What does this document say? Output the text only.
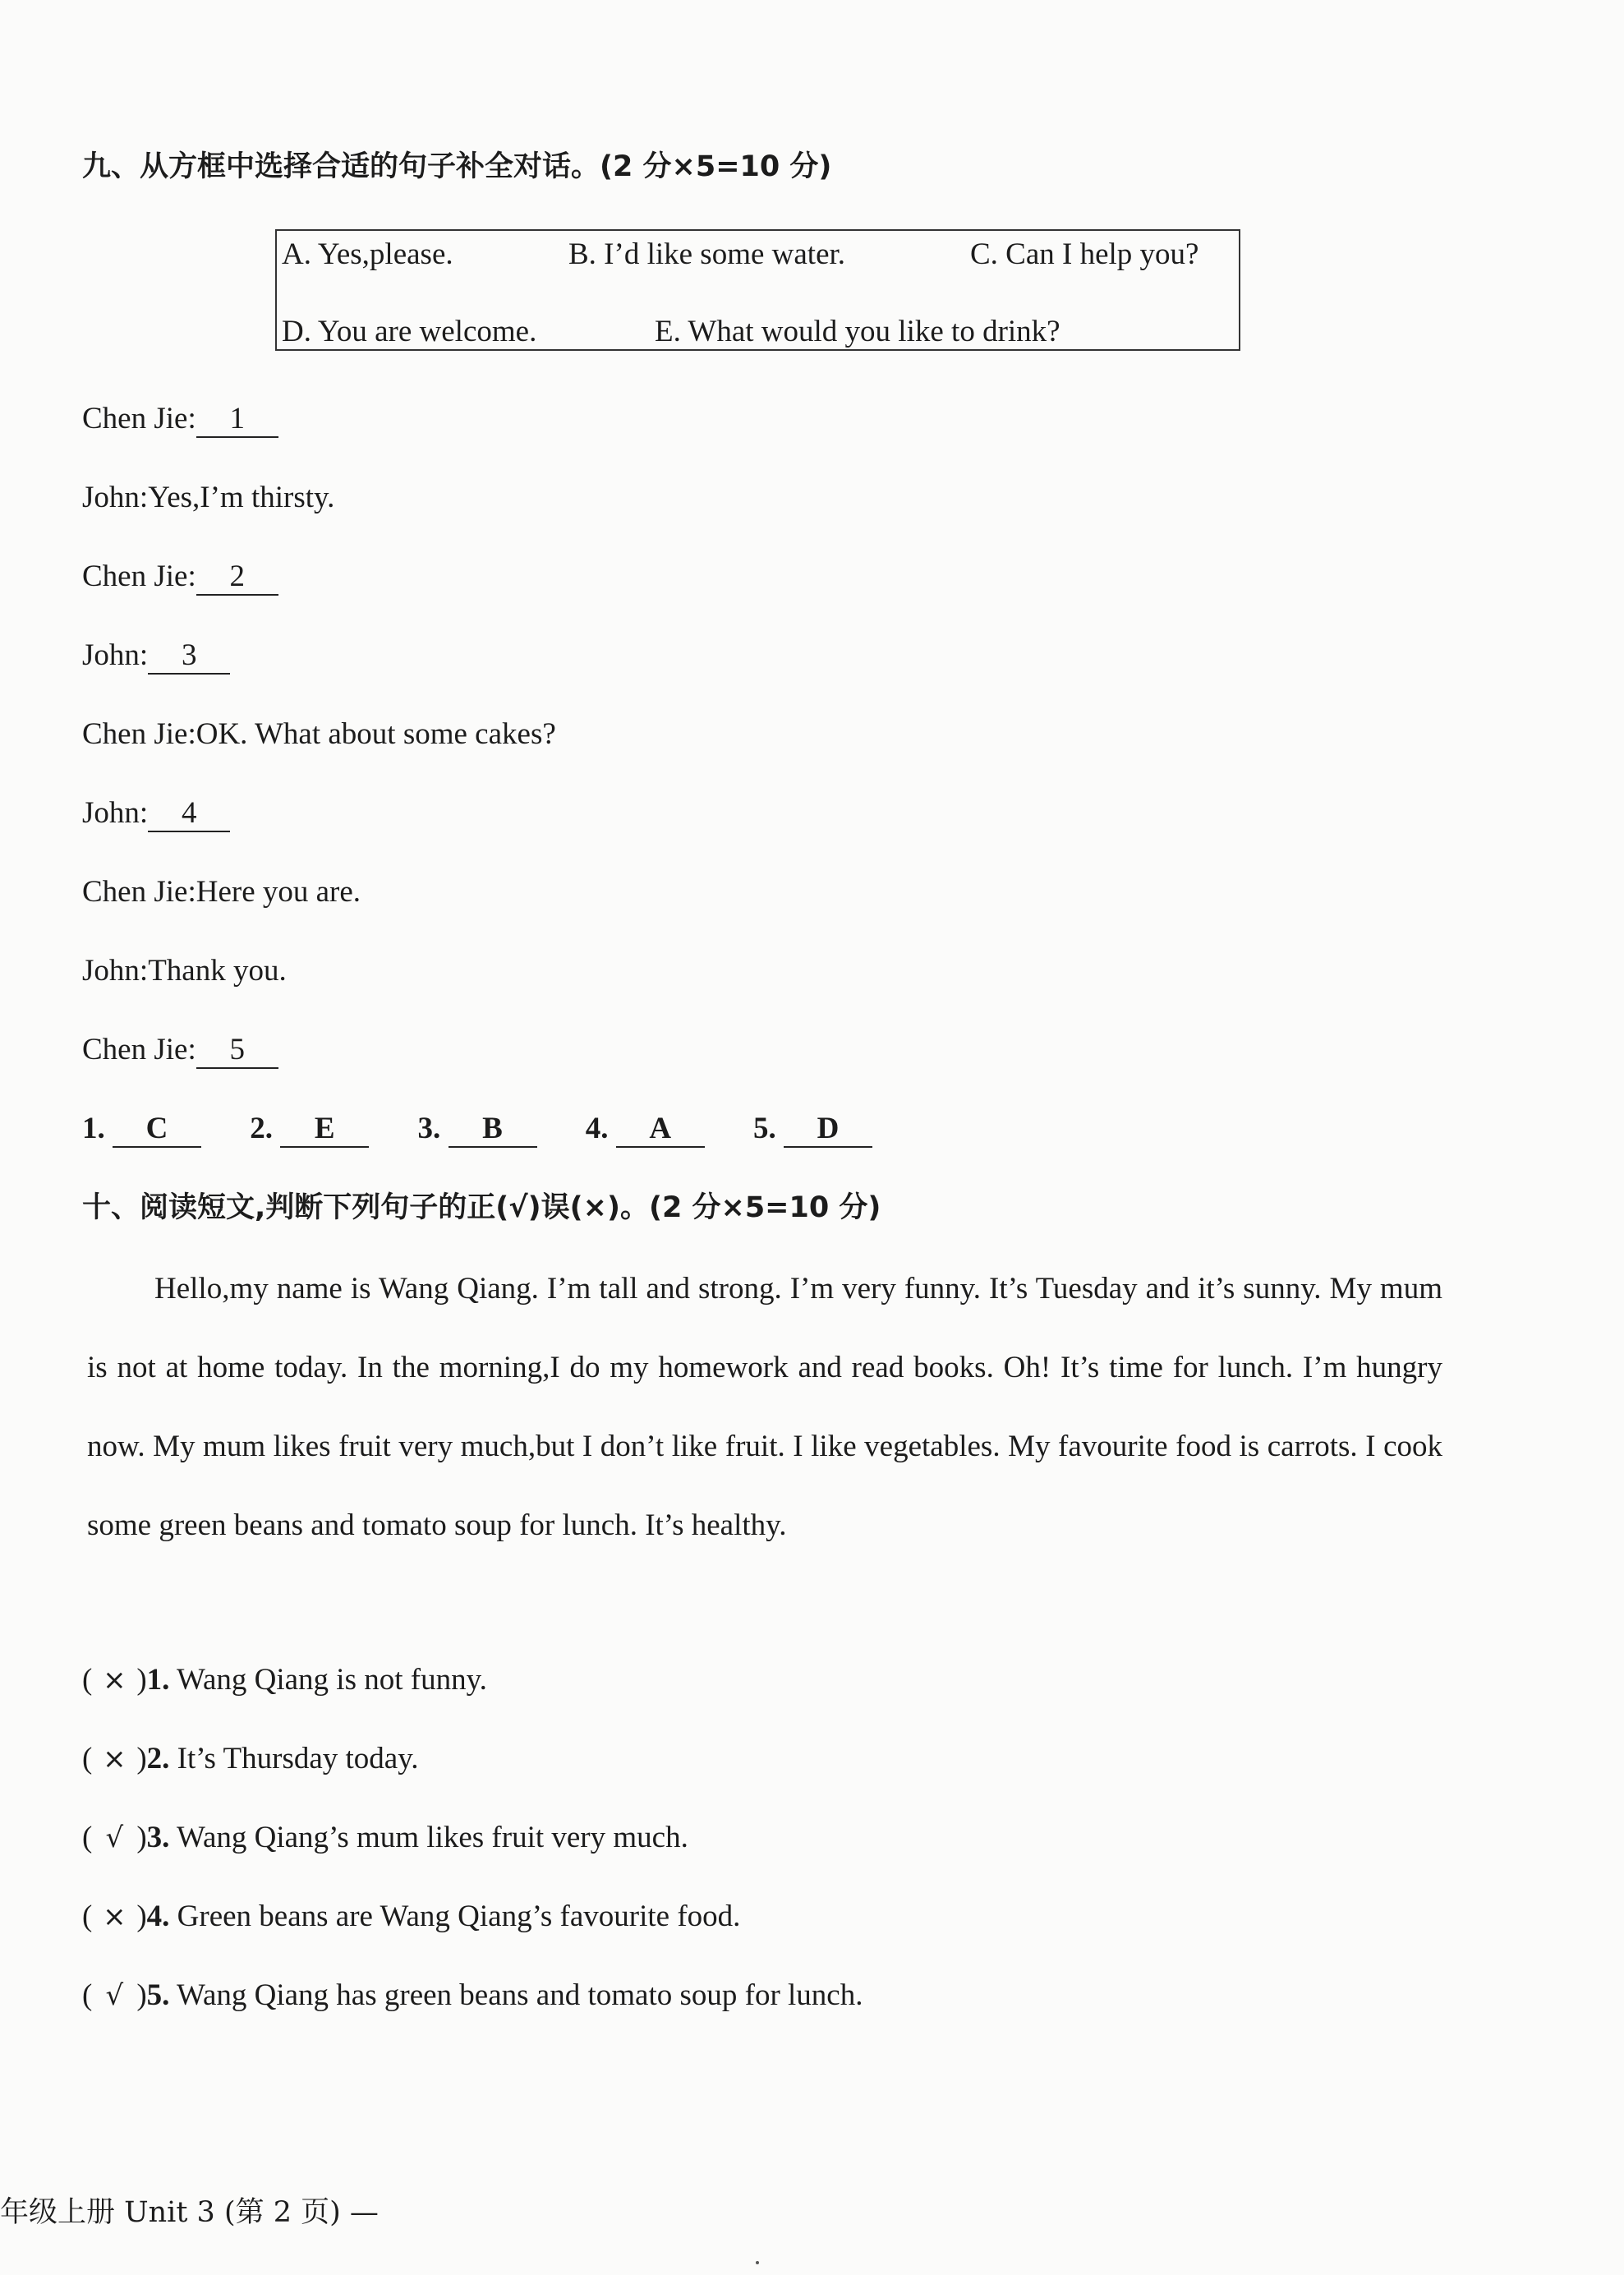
九、从方框中选择合适的句子补全对话。(2 分×5=10 分)
A. Yes,please.	B. I’d like some water.	C. Can I help you?
D. You are welcome.	E. What would you like to drink?
Chen Jie: 1
John:Yes,I’m thirsty.
Chen Jie: 2
John: 3
Chen Jie:OK. What about some cakes?
John: 4
Chen Jie:Here you are.
John:Thank you.
Chen Jie: 5
1. C	2. E	3. B	4. A	5. D
十、阅读短文,判断下列句子的正(√)误(×)。(2 分×5=10 分)

Hello,my name is Wang Qiang. I’m tall and strong. I’m very funny. It’s Tuesday and it’s sunny. My mum is not at home today. In the morning,I do my homework and read books. Oh! It’s time for lunch. I’m hungry now. My mum likes fruit very much,but I don’t like fruit. I like vegetables. My favourite food is carrots. I cook some green beans and tomato soup for lunch. It’s healthy.

( × )1. Wang Qiang is not funny.
( × )2. It’s Thursday today.
( √ )3. Wang Qiang’s mum likes fruit very much.
( × )4. Green beans are Wang Qiang’s favourite food.
( √ )5. Wang Qiang has green beans and tomato soup for lunch.
年级上册 Unit 3 (第 2 页) —
